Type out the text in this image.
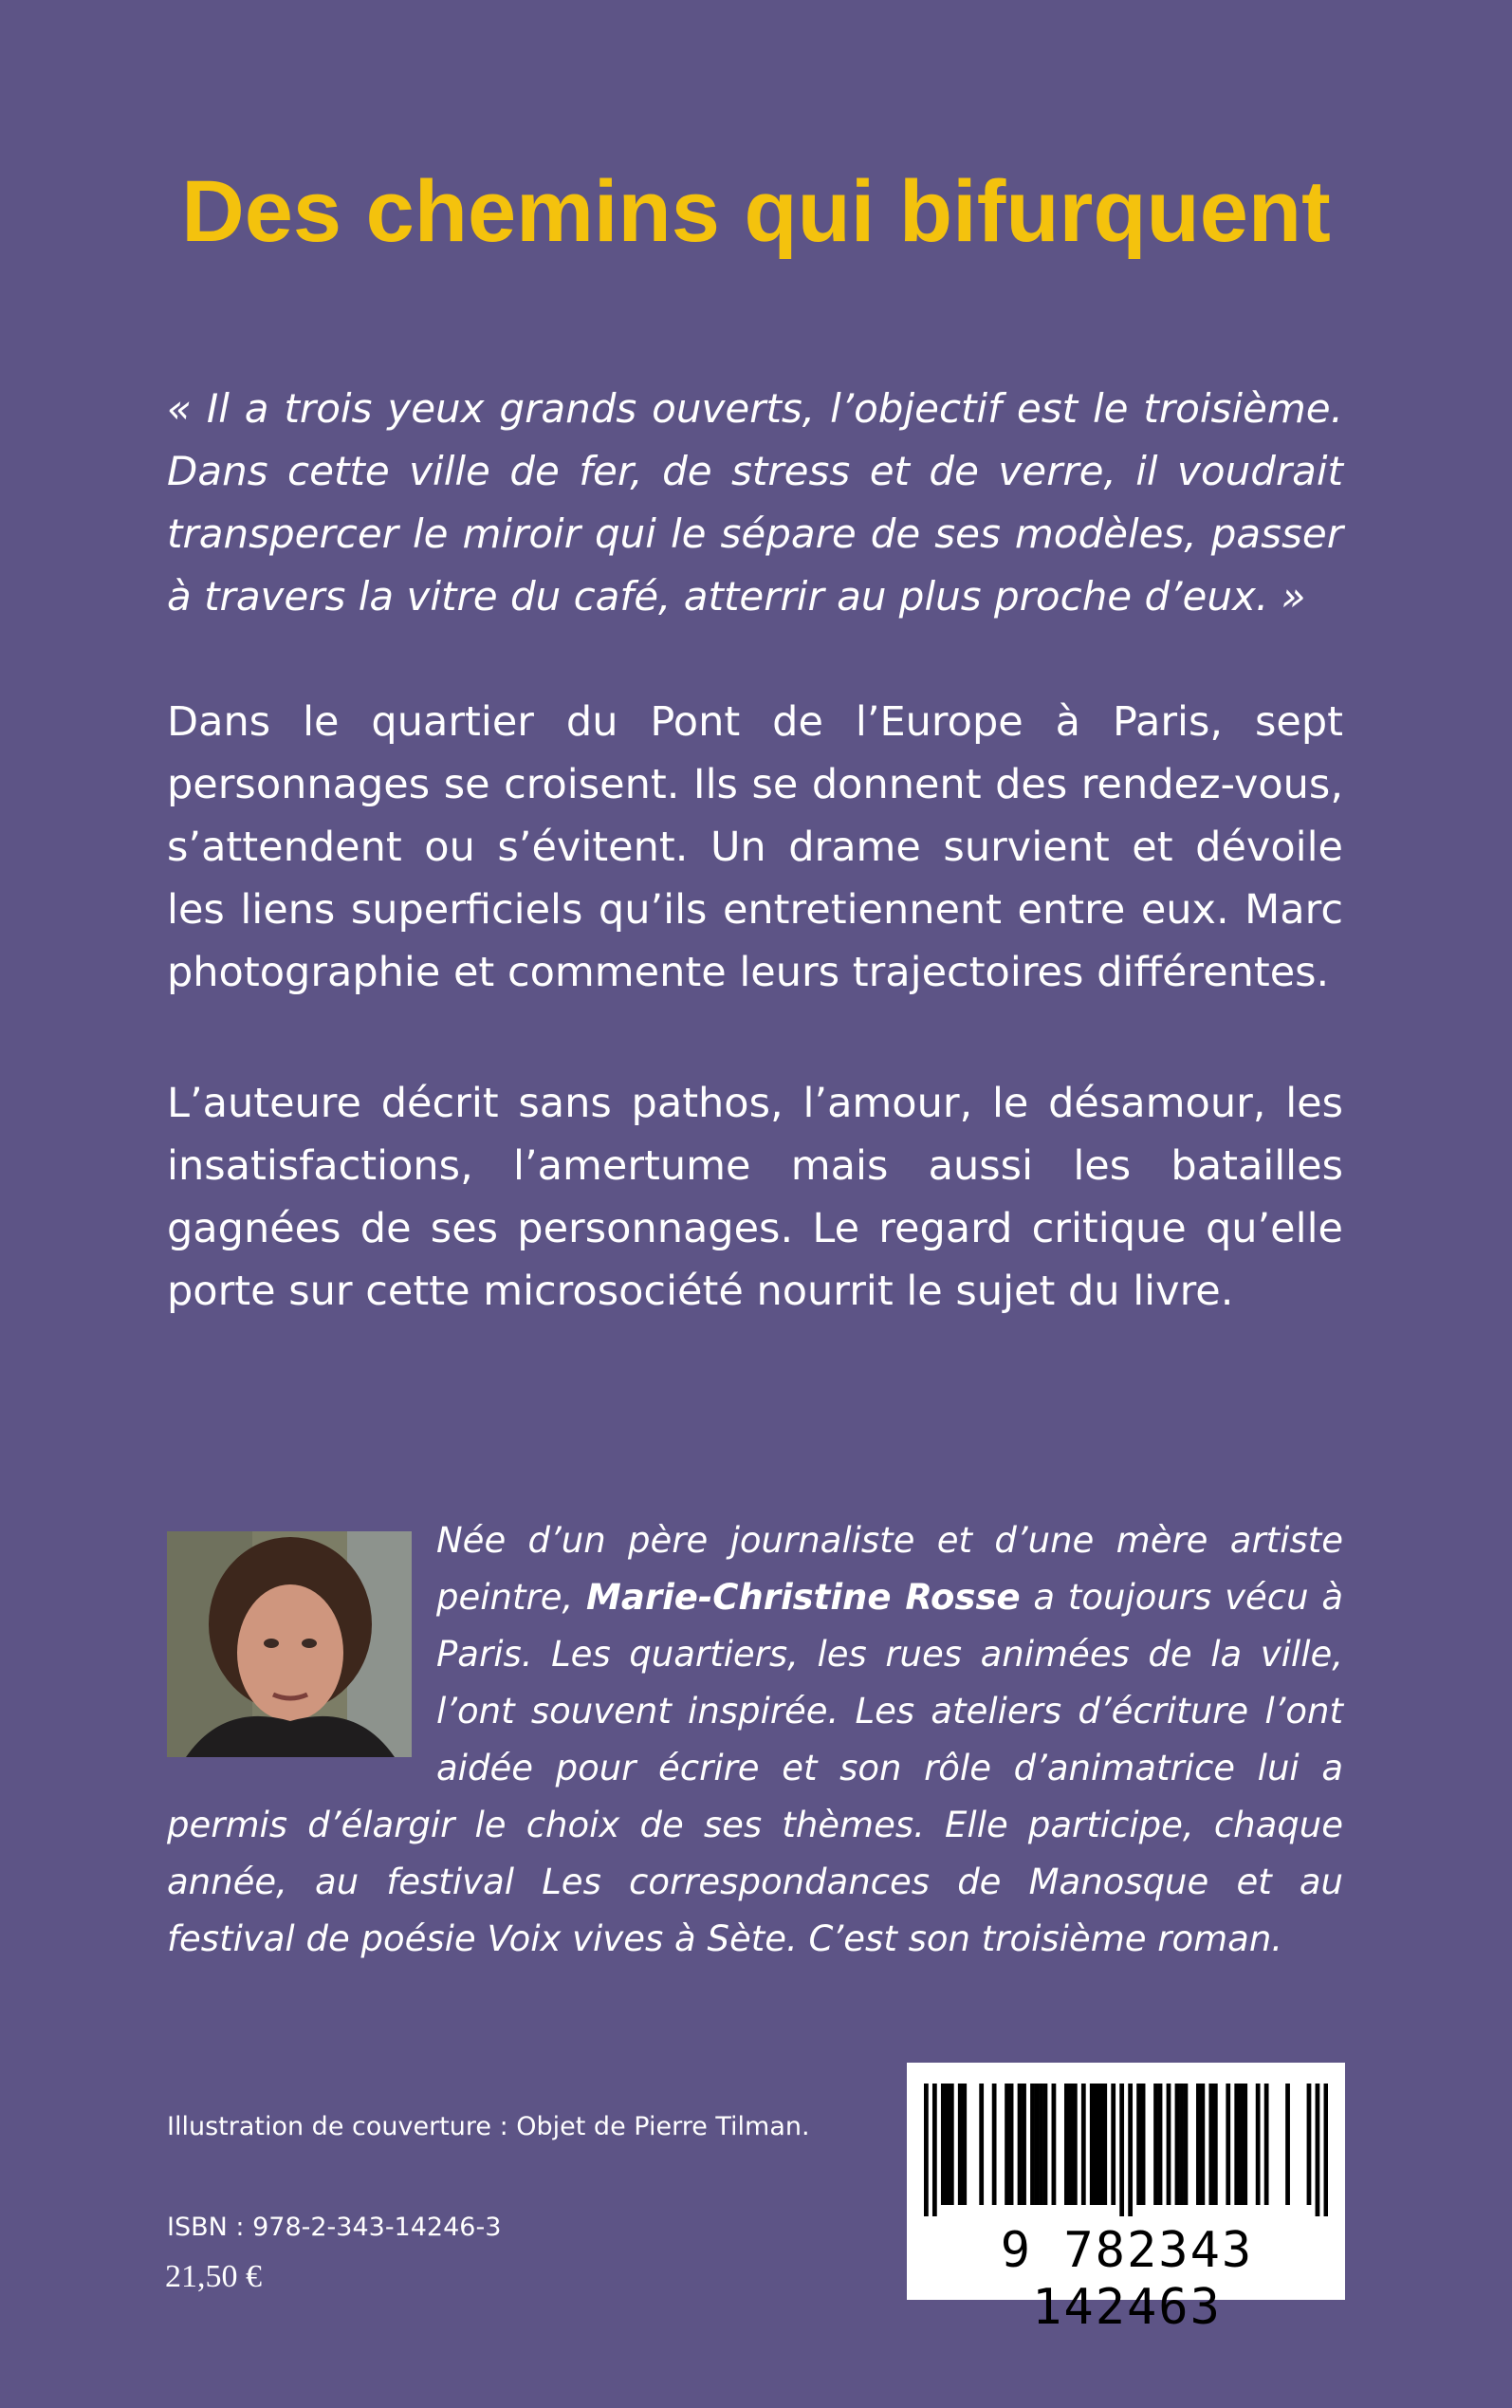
Des chemins qui bifurquent

« Il a trois yeux grands ouverts, l’objectif est le troisième. Dans cette ville de fer, de stress et de verre, il voudrait transpercer le miroir qui le sépare de ses modèles, passer à travers la vitre du café, atterrir au plus proche d’eux. »

Dans le quartier du Pont de l’Europe à Paris, sept personnages se croisent. Ils se donnent des rendez-vous, s’attendent ou s’évitent. Un drame survient et dévoile les liens superficiels qu’ils entretiennent entre eux. Marc photographie et commente leurs trajectoires différentes.

L’auteure décrit sans pathos, l’amour, le désamour, les insatisfactions, l’amertume mais aussi les batailles gagnées de ses personnages. Le regard critique qu’elle porte sur cette microsociété nourrit le sujet du livre.

Née d’un père journaliste et d’une mère artiste peintre, Marie-Christine Rosse a toujours vécu à Paris. Les quartiers, les rues animées de la ville, l’ont souvent inspirée. Les ateliers d’écriture l’ont aidée pour écrire et son rôle d’animatrice lui a permis d’élargir le choix de ses thèmes. Elle participe, chaque année, au festival Les correspondances de Manosque et au festival de poésie Voix vives à Sète. C’est son troisième roman.

Illustration de couverture : Objet de Pierre Tilman.

ISBN : 978-2-343-14246-3

21,50 €	9 782343 142463
